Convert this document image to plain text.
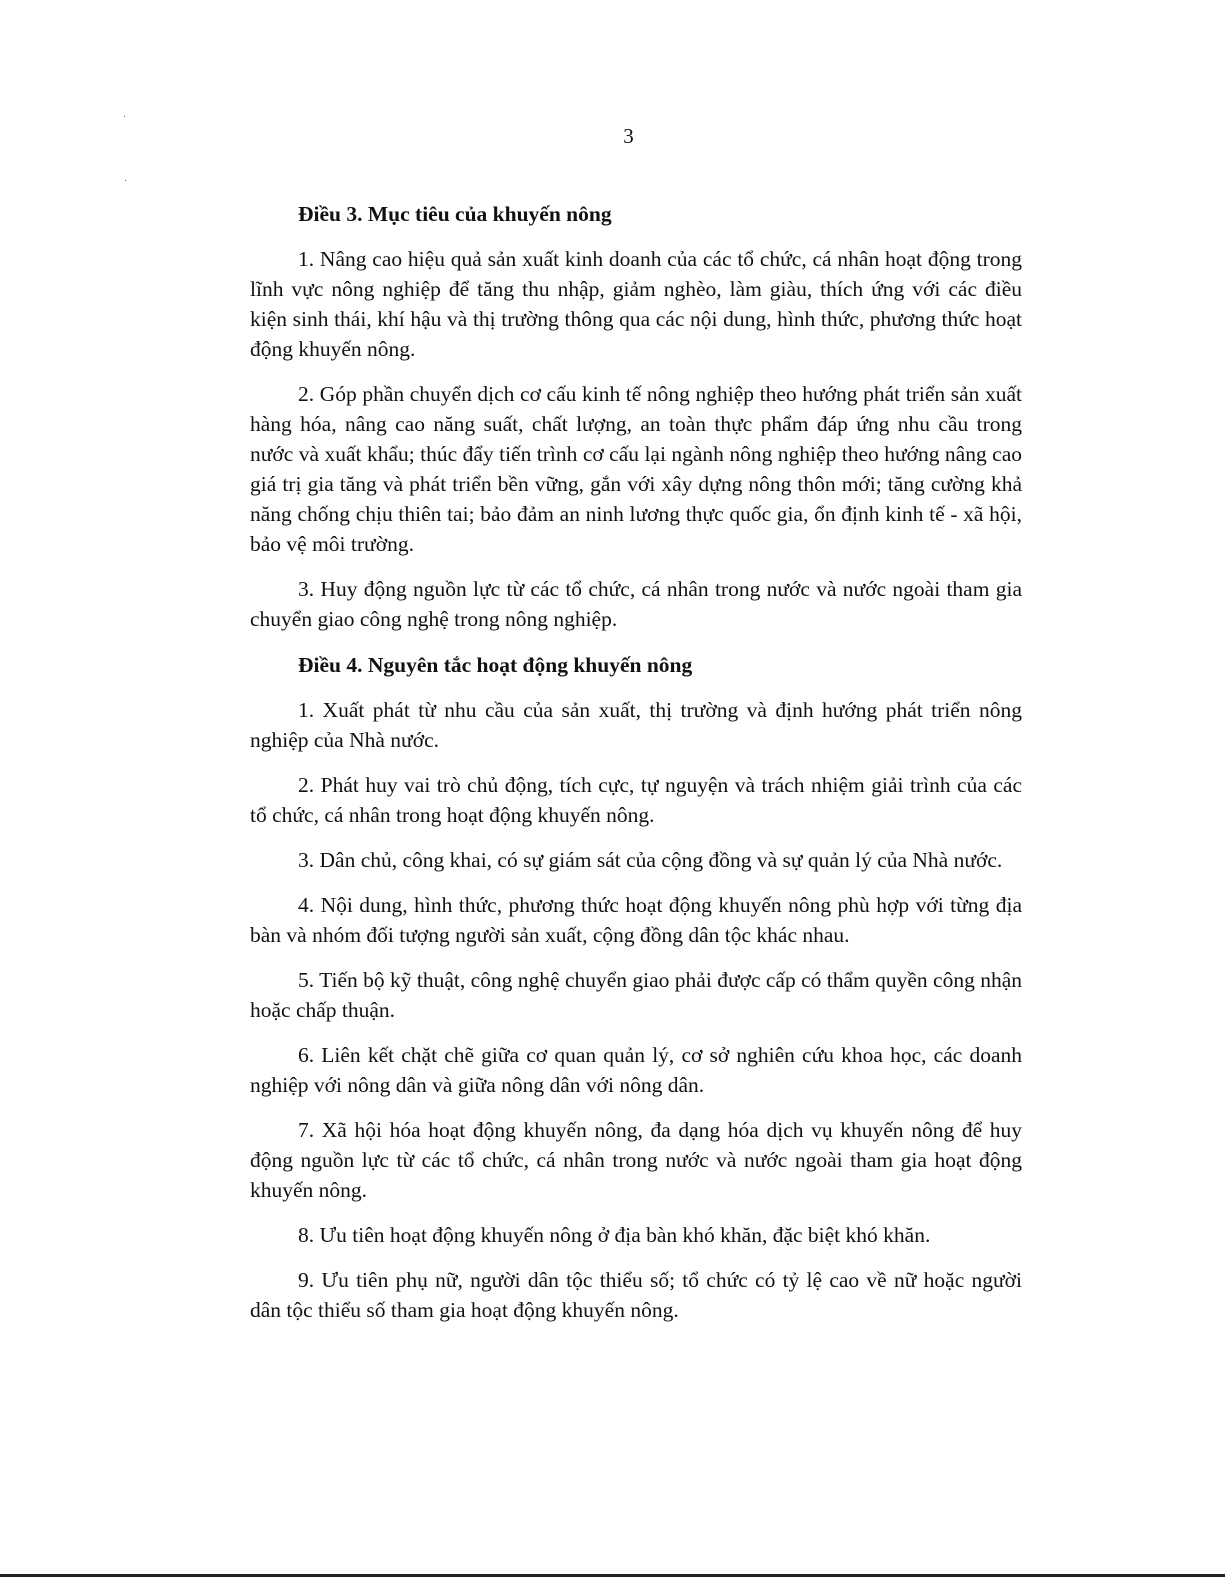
·
·
3

Điều 3. Mục tiêu của khuyến nông

1. Nâng cao hiệu quả sản xuất kinh doanh của các tổ chức, cá nhân hoạt động trong lĩnh vực nông nghiệp để tăng thu nhập, giảm nghèo, làm giàu, thích ứng với các điều kiện sinh thái, khí hậu và thị trường thông qua các nội dung, hình thức, phương thức hoạt động khuyến nông.

2. Góp phần chuyển dịch cơ cấu kinh tế nông nghiệp theo hướng phát triển sản xuất hàng hóa, nâng cao năng suất, chất lượng, an toàn thực phẩm đáp ứng nhu cầu trong nước và xuất khẩu; thúc đẩy tiến trình cơ cấu lại ngành nông nghiệp theo hướng nâng cao giá trị gia tăng và phát triển bền vững, gắn với xây dựng nông thôn mới; tăng cường khả năng chống chịu thiên tai; bảo đảm an ninh lương thực quốc gia, ổn định kinh tế - xã hội, bảo vệ môi trường.

3. Huy động nguồn lực từ các tổ chức, cá nhân trong nước và nước ngoài tham gia chuyển giao công nghệ trong nông nghiệp.

Điều 4. Nguyên tắc hoạt động khuyến nông

1. Xuất phát từ nhu cầu của sản xuất, thị trường và định hướng phát triển nông nghiệp của Nhà nước.

2. Phát huy vai trò chủ động, tích cực, tự nguyện và trách nhiệm giải trình của các tổ chức, cá nhân trong hoạt động khuyến nông.

3. Dân chủ, công khai, có sự giám sát của cộng đồng và sự quản lý của Nhà nước.

4. Nội dung, hình thức, phương thức hoạt động khuyến nông phù hợp với từng địa bàn và nhóm đối tượng người sản xuất, cộng đồng dân tộc khác nhau.

5. Tiến bộ kỹ thuật, công nghệ chuyển giao phải được cấp có thẩm quyền công nhận hoặc chấp thuận.

6. Liên kết chặt chẽ giữa cơ quan quản lý, cơ sở nghiên cứu khoa học, các doanh nghiệp với nông dân và giữa nông dân với nông dân.

7. Xã hội hóa hoạt động khuyến nông, đa dạng hóa dịch vụ khuyến nông để huy động nguồn lực từ các tổ chức, cá nhân trong nước và nước ngoài tham gia hoạt động khuyến nông.

8. Ưu tiên hoạt động khuyến nông ở địa bàn khó khăn, đặc biệt khó khăn.

9. Ưu tiên phụ nữ, người dân tộc thiểu số; tổ chức có tỷ lệ cao về nữ hoặc người dân tộc thiểu số tham gia hoạt động khuyến nông.
